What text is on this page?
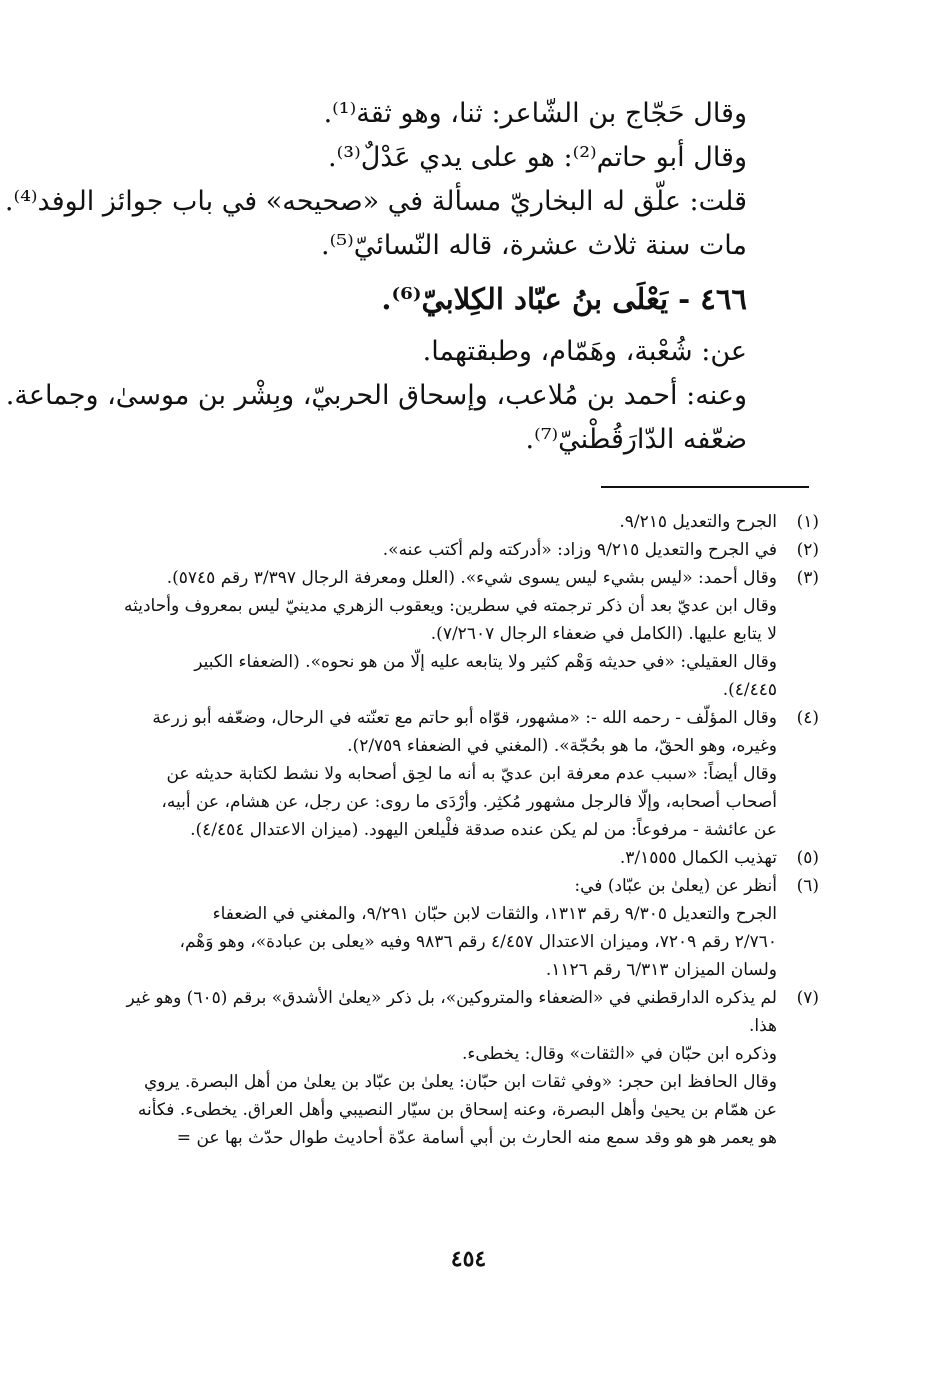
وقال حَجّاج بن الشّاعر: ثنا، وهو ثقة⁽¹⁾.
وقال أبو حاتم⁽²⁾: هو على يدي عَدْلٌ⁽³⁾.
قلت: علّق له البخاريّ مسألة في «صحيحه» في باب جوائز الوفد⁽⁴⁾.
مات سنة ثلاث عشرة، قاله النّسائيّ⁽⁵⁾.
٤٦٦ - يَعْلَى بنُ عبّاد الكِلابيّ⁽⁶⁾.
عن: شُعْبة، وهَمّام، وطبقتهما.
وعنه: أحمد بن مُلاعب، وإسحاق الحربيّ، وبِشْر بن موسىٰ، وجماعة.
ضعّفه الدّارَقُطْنيّ⁽⁷⁾.
(١)
الجرح والتعديل ٩/٢١٥.
(٢)
في الجرح والتعديل ٩/٢١٥ وزاد: «أدركته ولم أكتب عنه».
(٣)
وقال أحمد: «ليس بشيء ليس يسوى شيء». (العلل ومعرفة الرجال ٣/٣٩٧ رقم ٥٧٤٥).
وقال ابن عديّ بعد أن ذكر ترجمته في سطرين: ويعقوب الزهري مدينيّ ليس بمعروف وأحاديثه
لا يتابع عليها. (الكامل في ضعفاء الرجال ٧/٢٦٠٧).
وقال العقيلي: «في حديثه وَهْم كثير ولا يتابعه عليه إلّا من هو نحوه». (الضعفاء الكبير
٤/٤٤٥).
(٤)
وقال المؤلّف - رحمه الله -: «مشهور، قوّاه أبو حاتم مع تعنّته في الرحال، وضعّفه أبو زرعة
وغيره، وهو الحقّ، ما هو بحُجّة». (المغني في الضعفاء ٢/٧٥٩).
وقال أيضاً: «سبب عدم معرفة ابن عديّ به أنه ما لحِق أصحابه ولا نشط لكتابة حديثه عن
أصحاب أصحابه، وإلّا فالرجل مشهور مُكثِر. وأرْدَى ما روى: عن رجل، عن هشام، عن أبيه،
عن عائشة - مرفوعاً: من لم يكن عنده صدقة فلْيلعن اليهود. (ميزان الاعتدال ٤/٤٥٤).
(٥)
تهذيب الكمال ٣/١٥٥٥.
(٦)
أنظر عن (يعلىٰ بن عبّاد) في:
الجرح والتعديل ٩/٣٠٥ رقم ١٣١٣، والثقات لابن حبّان ٩/٢٩١، والمغني في الضعفاء
٢/٧٦٠ رقم ٧٢٠٩، وميزان الاعتدال ٤/٤٥٧ رقم ٩٨٣٦ وفيه «يعلى بن عبادة»، وهو وَهْم،
ولسان الميزان ٦/٣١٣ رقم ١١٢٦.
(٧)
لم يذكره الدارقطني في «الضعفاء والمتروكين»، بل ذكر «يعلىٰ الأشدق» برقم (٦٠٥) وهو غير
هذا.
وذكره ابن حبّان في «الثقات» وقال: يخطىء.
وقال الحافظ ابن حجر: «وفي ثقات ابن حبّان: يعلىٰ بن عبّاد بن يعلىٰ من أهل البصرة. يروي
عن همّام بن يحيىٰ وأهل البصرة، وعنه إسحاق بن سيّار النصيبي وأهل العراق. يخطىء. فكأنه
هو يعمر هو هو وقد سمع منه الحارث بن أبي أسامة عدّة أحاديث طوال حدّث بها عن =
٤٥٤
